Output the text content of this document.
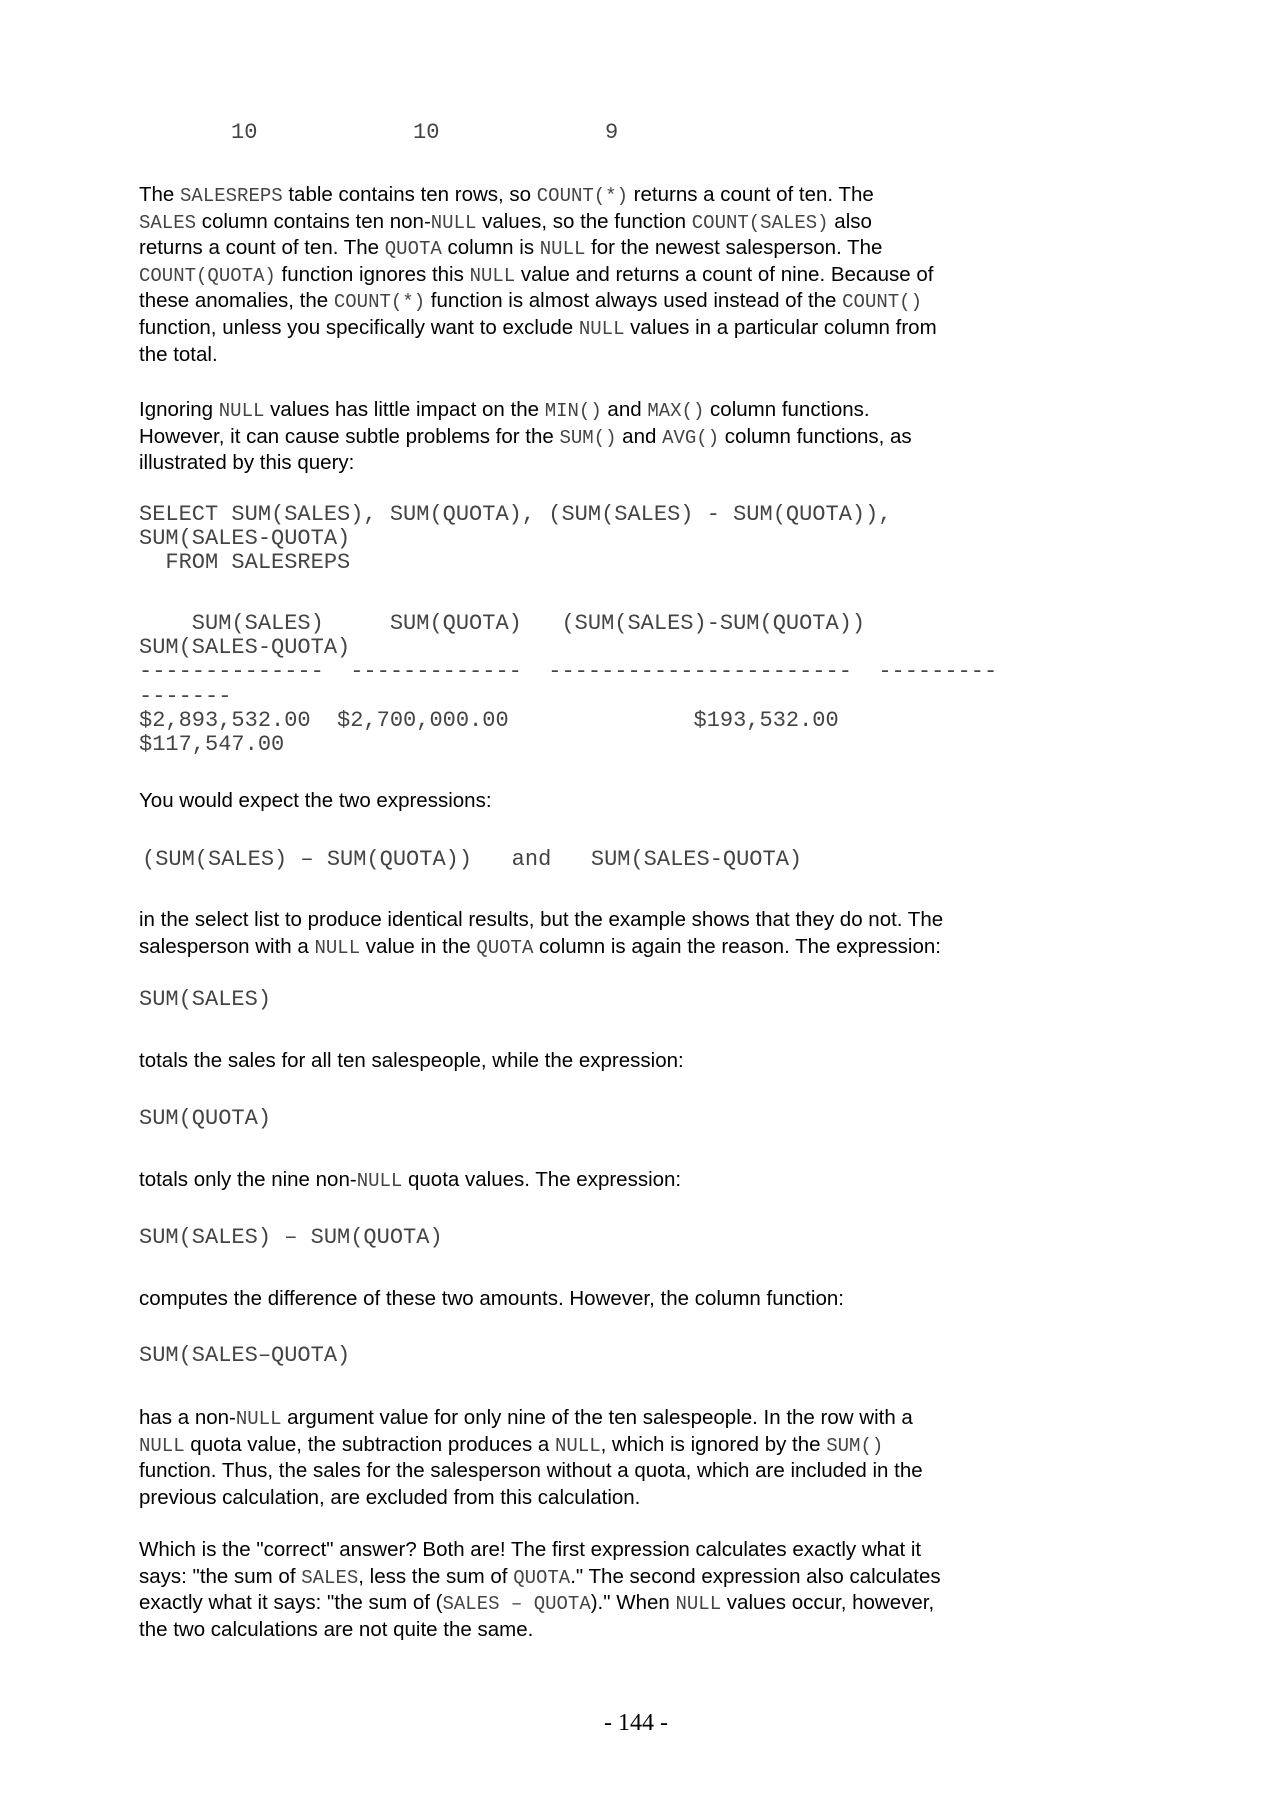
10	10	9
The SALESREPS table contains ten rows, so COUNT(*) returns a count of ten. The
SALES column contains ten non-NULL values, so the function COUNT(SALES) also
returns a count of ten. The QUOTA column is NULL for the newest salesperson. The
COUNT(QUOTA) function ignores this NULL value and returns a count of nine. Because of
these anomalies, the COUNT(*) function is almost always used instead of the COUNT()
function, unless you specifically want to exclude NULL values in a particular column from
the total.
Ignoring NULL values has little impact on the MIN() and MAX() column functions.
However, it can cause subtle problems for the SUM() and AVG() column functions, as
illustrated by this query:
SELECT SUM(SALES), SUM(QUOTA), (SUM(SALES) - SUM(QUOTA)),
SUM(SALES-QUOTA)
FROM SALESREPS
SUM(SALES)     SUM(QUOTA)   (SUM(SALES)-SUM(QUOTA))
SUM(SALES-QUOTA)
--------------  -------------  -----------------------  ---------
-------
$2,893,532.00  $2,700,000.00              $193,532.00
$117,547.00
You would expect the two expressions:
(SUM(SALES) – SUM(QUOTA))   and   SUM(SALES-QUOTA)
in the select list to produce identical results, but the example shows that they do not. The
salesperson with a NULL value in the QUOTA column is again the reason. The expression:
SUM(SALES)
totals the sales for all ten salespeople, while the expression:
SUM(QUOTA)
totals only the nine non-NULL quota values. The expression:
SUM(SALES) – SUM(QUOTA)
computes the difference of these two amounts. However, the column function:
SUM(SALES–QUOTA)
has a non-NULL argument value for only nine of the ten salespeople. In the row with a
NULL quota value, the subtraction produces a NULL, which is ignored by the SUM()
function. Thus, the sales for the salesperson without a quota, which are included in the
previous calculation, are excluded from this calculation.
Which is the "correct" answer? Both are! The first expression calculates exactly what it
says: "the sum of SALES, less the sum of QUOTA." The second expression also calculates
exactly what it says: "the sum of (SALES – QUOTA)." When NULL values occur, however,
the two calculations are not quite the same.
- 144 -
